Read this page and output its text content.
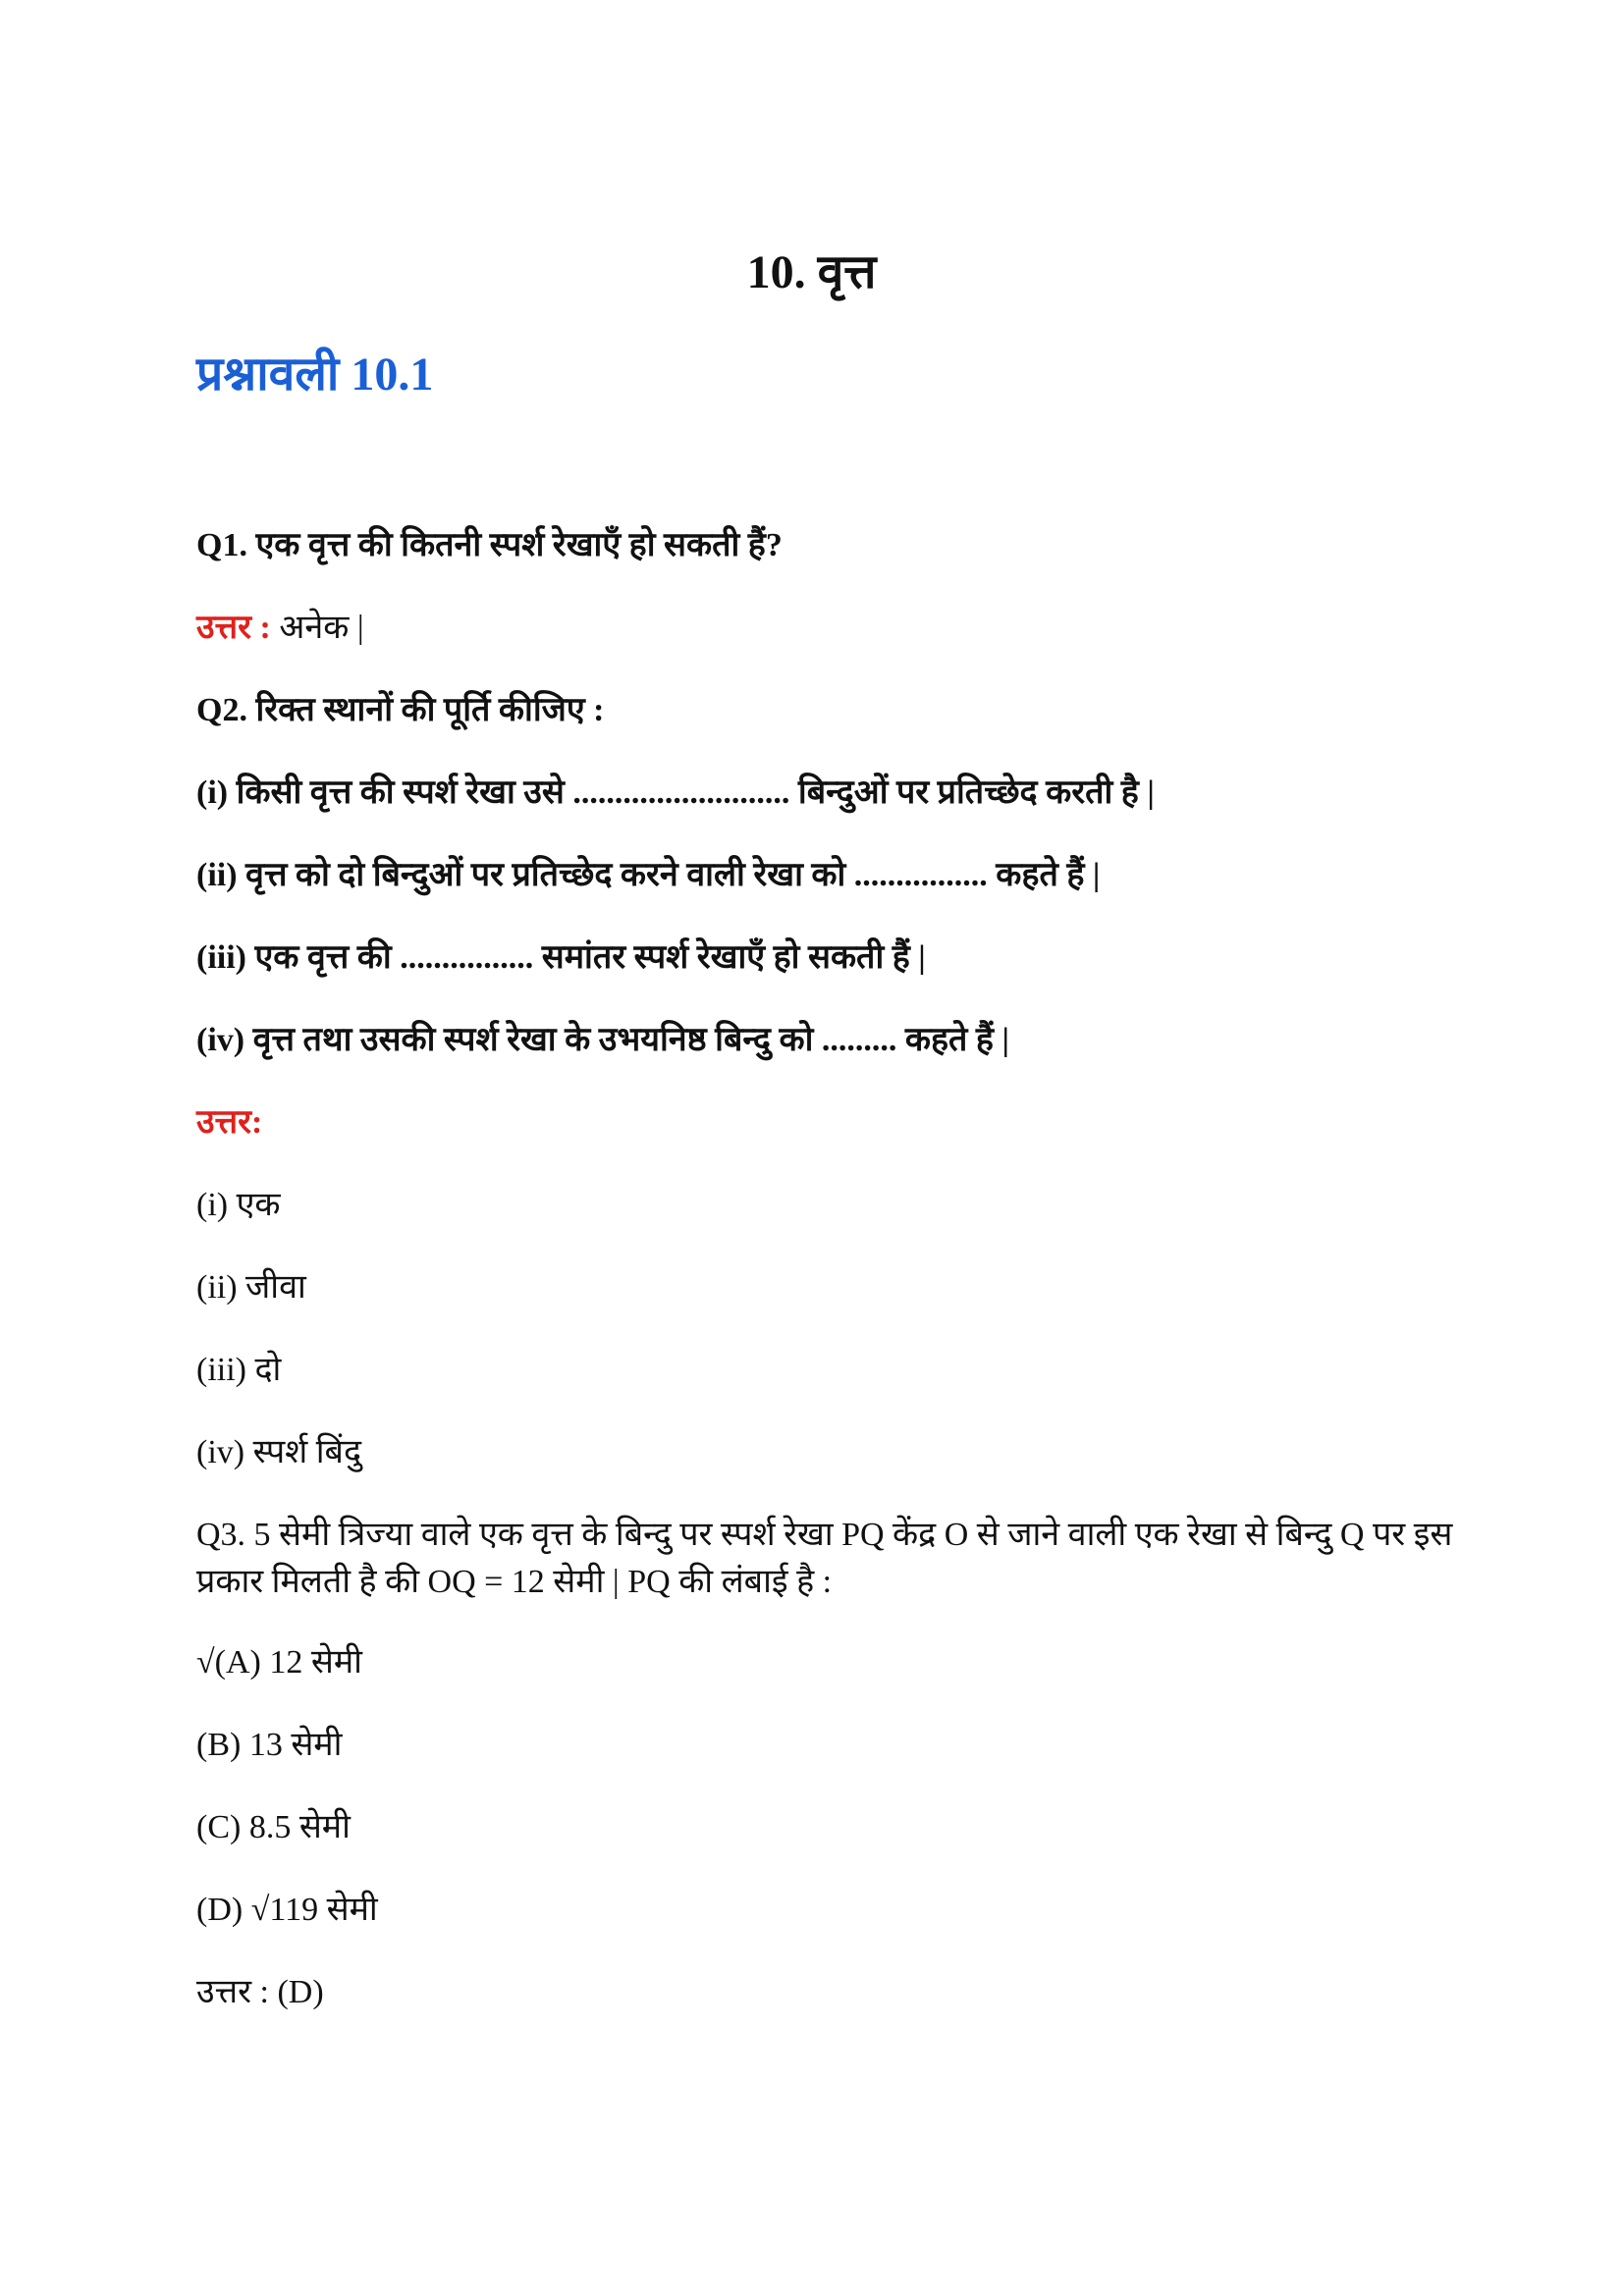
10. वृत्त
प्रश्नावली 10.1
Q1. एक वृत्त की कितनी स्पर्श रेखाएँ हो सकती हैं?
उत्तर : अनेक |
Q2. रिक्त स्थानों की पूर्ति कीजिए :
(i) किसी वृत्त की स्पर्श रेखा उसे .......................... बिन्दुओं पर प्रतिच्छेद करती है |
(ii) वृत्त को दो बिन्दुओं पर प्रतिच्छेद करने वाली रेखा को ................ कहते हैं |
(iii) एक वृत्त की ................ समांतर स्पर्श रेखाएँ हो सकती हैं |
(iv) वृत्त तथा उसकी स्पर्श रेखा के उभयनिष्ठ बिन्दु को ......... कहते हैं |
उत्तर:
(i) एक
(ii) जीवा
(iii) दो
(iv) स्पर्श बिंदु
Q3. 5 सेमी त्रिज्या वाले एक वृत्त के बिन्दु पर स्पर्श रेखा PQ केंद्र O से जाने वाली एक रेखा से बिन्दु Q पर इस प्रकार मिलती है की OQ = 12 सेमी | PQ की लंबाई है :
√(A) 12 सेमी
(B) 13 सेमी
(C) 8.5 सेमी
(D) √119 सेमी
उत्तर : (D)
